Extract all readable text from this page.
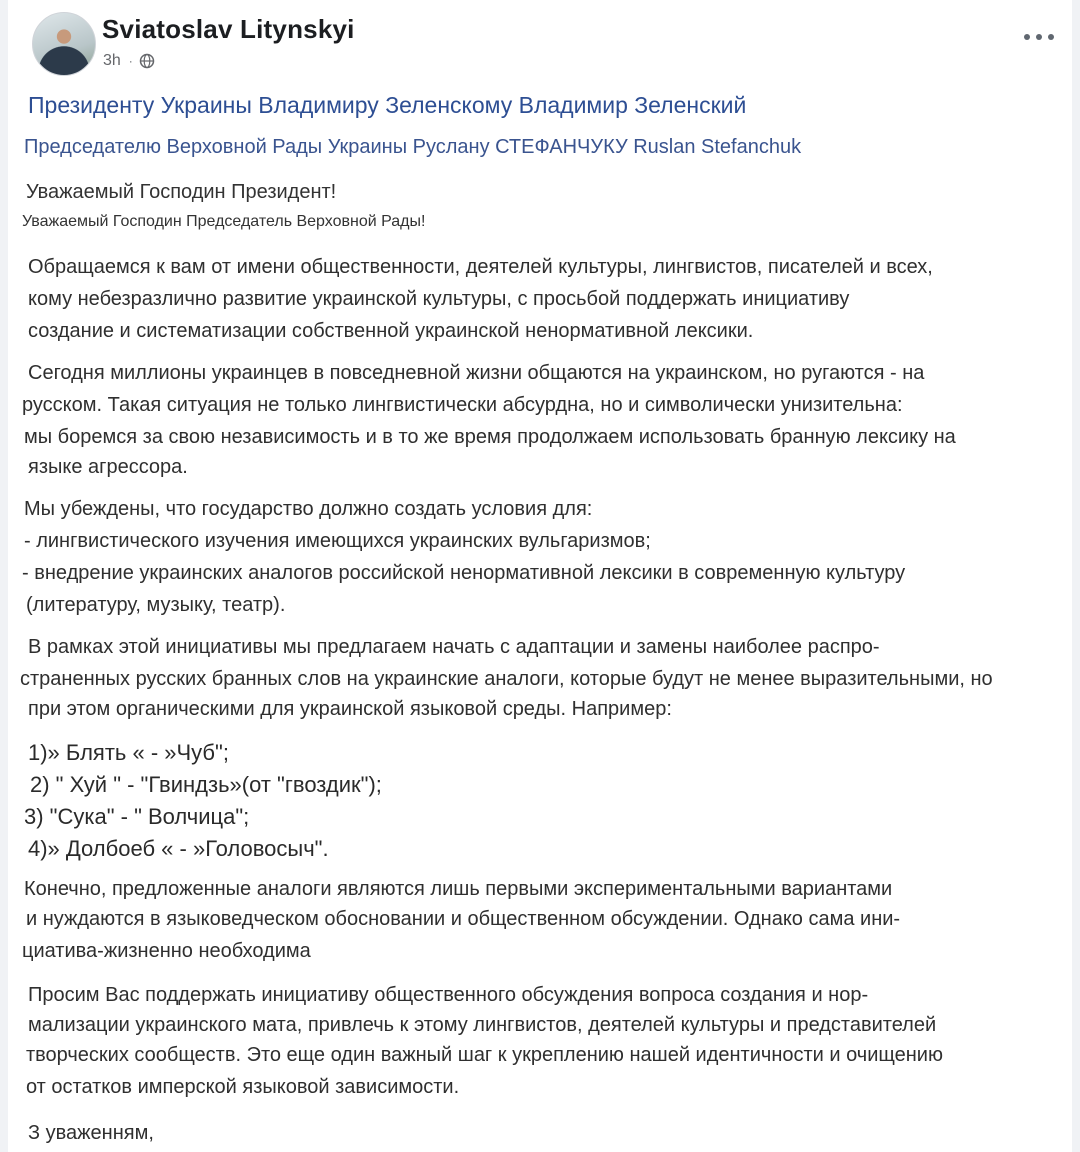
Sviatoslav Litynskyi
3h ·
Президенту Украины Владимиру Зеленскому Владимир Зеленский
Председателю Верховной Рады Украины Руслану СТЕФАНЧУКУ Ruslan Stefanchuk
Уважаемый Господин Президент!
Уважаемый Господин Председатель Верховной Рады!
Обращаемся к вам от имени общественности, деятелей культуры, лингвистов, писателей и всех,
кому небезразлично развитие украинской культуры, с просьбой поддержать инициативу
создание и систематизации собственной украинской ненормативной лексики.
Сегодня миллионы украинцев в повседневной жизни общаются на украинском, но ругаются - на
русском. Такая ситуация не только лингвистически абсурдна, но и символически унизительна:
мы боремся за свою независимость и в то же время продолжаем использовать бранную лексику на
языке агрессора.
Мы убеждены, что государство должно создать условия для:
- лингвистического изучения имеющихся украинских вульгаризмов;
- внедрение украинских аналогов российской ненормативной лексики в современную культуру
(литературу, музыку, театр).
В рамках этой инициативы мы предлагаем начать с адаптации и замены наиболее распро-
страненных русских бранных слов на украинские аналоги, которые будут не менее выразительными, но
при этом органическими для украинской языковой среды. Например:
1)» Блять « - »Чуб";
2) " Хуй " - "Гвиндзь»(от "гвоздик");
3) "Сука" - " Волчица";
4)» Долбоеб « - »Головосыч".
Конечно, предложенные аналоги являются лишь первыми экспериментальными вариантами
и нуждаются в языковедческом обосновании и общественном обсуждении. Однако сама ини-
циатива-жизненно необходима
Просим Вас поддержать инициативу общественного обсуждения вопроса создания и нор-
мализации украинского мата, привлечь к этому лингвистов, деятелей культуры и представителей
творческих сообществ. Это еще один важный шаг к укреплению нашей идентичности и очищению
от остатков имперской языковой зависимости.
З уваженням,
